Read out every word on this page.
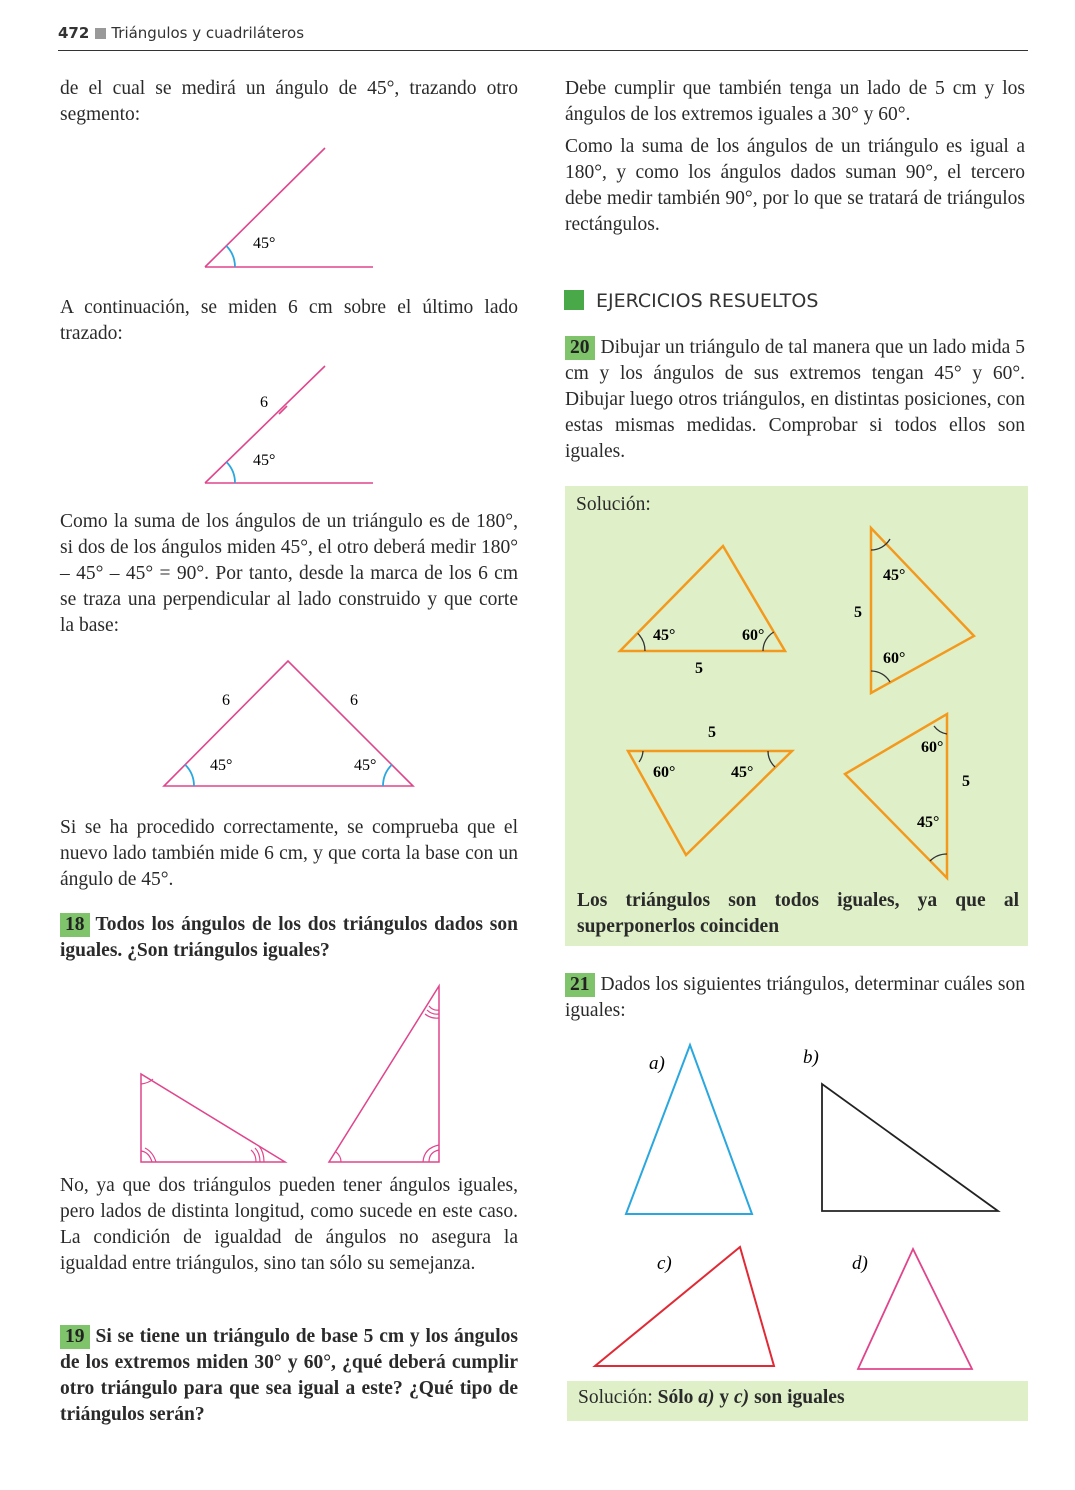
472 Triángulos y cuadriláteros

de el cual se medirá un ángulo de 45°, trazando otro segmento:

45°

A continuación, se miden 6 cm sobre el último lado trazado:

6
45°

Como la suma de los ángulos de un triángulo es de 180°, si dos de los ángulos miden 45°, el otro deberá medir 180° – 45° – 45° = 90°. Por tanto, desde la marca de los 6 cm se traza una perpendicular al lado construido y que corte la base:

6	6
45°	45°

Si se ha procedido correctamente, se comprueba que el nuevo lado también mide 6 cm, y que corta la base con un ángulo de 45°.

18 Todos los ángulos de los dos triángulos dados son iguales. ¿Son triángulos iguales?

No, ya que dos triángulos pueden tener ángulos iguales, pero lados de distinta longitud, como sucede en este caso. La condición de igualdad de ángulos no asegura la igualdad entre triángulos, sino tan sólo su semejanza.

19 Si se tiene un triángulo de base 5 cm y los ángulos de los extremos miden 30° y 60°, ¿qué deberá cumplir otro triángulo para que sea igual a este? ¿Qué tipo de triángulos serán?

Debe cumplir que también tenga un lado de 5 cm y los ángulos de los extremos iguales a 30° y 60°.

Como la suma de los ángulos de un triángulo es igual a 180°, y como los ángulos dados suman 90°, el tercero debe medir también 90°, por lo que se tratará de triángulos rectángulos.

EJERCICIOS RESUELTOS

20 Dibujar un triángulo de tal manera que un lado mida 5 cm y los ángulos de sus extremos tengan 45° y 60°. Dibujar luego otros triángulos, en distintas posiciones, con estas mismas medidas. Comprobar si todos ellos son iguales.

Solución:
45°	60°
5
45°
60°
5
60°	45°
5
60°
45°
5

Los triángulos son todos iguales, ya que al superponerlos coinciden

21 Dados los siguientes triángulos, determinar cuáles son iguales:

a)	b)
c)	d)
Solución: Sólo a) y c) son iguales
